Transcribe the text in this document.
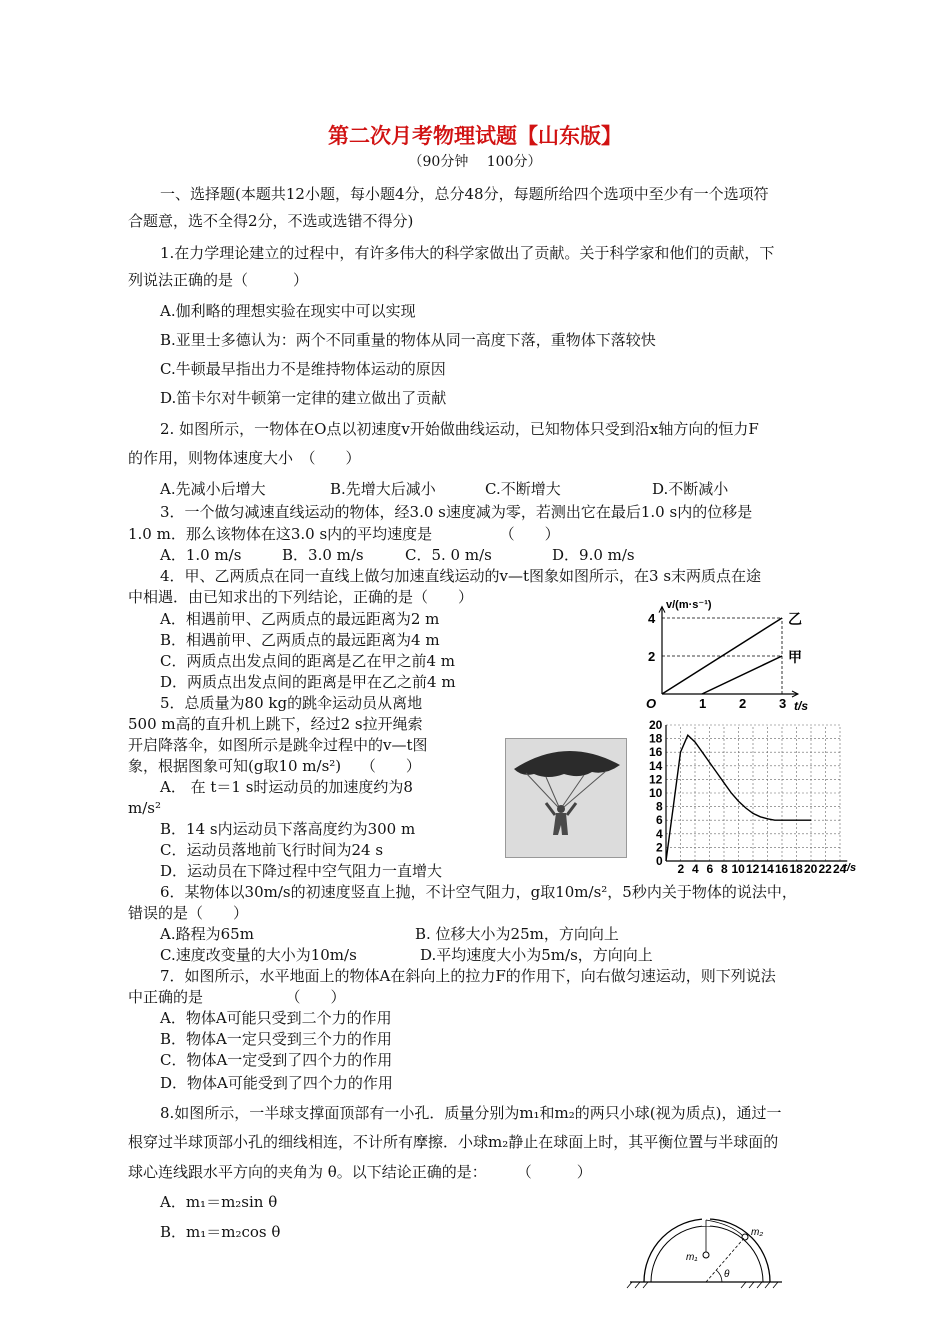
第二次月考物理试题【山东版】
（90分钟　 100分）
一、选择题(本题共12小题，每小题4分，总分48分，每题所给四个选项中至少有一个选项符
合题意，选不全得2分，不选或选错不得分)
1.在力学理论建立的过程中，有许多伟大的科学家做出了贡献。关于科学家和他们的贡献，下
列说法正确的是（　　　）
A.伽利略的理想实验在现实中可以实现
B.亚里士多德认为：两个不同重量的物体从同一高度下落，重物体下落较快
C.牛顿最早指出力不是维持物体运动的原因
D.笛卡尔对牛顿第一定律的建立做出了贡献
2. 如图所示，一物体在O点以初速度v开始做曲线运动，已知物体只受到沿x轴方向的恒力F
的作用，则物体速度大小　（　　）
A.先减小后增大	B.先增大后减小	C.不断增大	D.不断减小
3．一个做匀减速直线运动的物体，经3.0 s速度减为零，若测出它在最后1.0 s内的位移是
1.0 m．那么该物体在这3.0 s内的平均速度是　　　　　（　　）
A．1.0 m/s	B．3.0 m/s	C．5. 0 m/s	D．9.0 m/s
4．甲、乙两质点在同一直线上做匀加速直线运动的v—t图象如图所示，在3 s末两质点在途
中相遇．由已知求出的下列结论，正确的是（　　）
A．相遇前甲、乙两质点的最远距离为2 m
B．相遇前甲、乙两质点的最远距离为4 m
C．两质点出发点间的距离是乙在甲之前4 m
D．两质点出发点间的距离是甲在乙之前4 m
5．总质量为80 kg的跳伞运动员从离地
500 m高的直升机上跳下，经过2 s拉开绳索
开启降落伞，如图所示是跳伞过程中的v—t图
象，根据图象可知(g取10 m/s²)　 （　　）
A． 在 t＝1 s时运动员的加速度约为8
m/s²
B．14 s内运动员下落高度约为300 m
C．运动员落地前飞行时间为24 s
D．运动员在下降过程中空气阻力一直增大
6．某物体以30m/s的初速度竖直上抛，不计空气阻力，g取10m/s²，5秒内关于物体的说法中，
错误的是（　　）
A.路程为65m	B. 位移大小为25m，方向向上
C.速度改变量的大小为10m/s	D.平均速度大小为5m/s，方向向上
7．如图所示，水平地面上的物体A在斜向上的拉力F的作用下，向右做匀速运动，则下列说法
中正确的是　　　　　　（　　）
A．物体A可能只受到二个力的作用
B．物体A一定只受到三个力的作用
C．物体A一定受到了四个力的作用
D．物体A可能受到了四个力的作用
8.如图所示，一半球支撑面顶部有一小孔．质量分别为m₁和m₂的两只小球(视为质点)，通过一
根穿过半球顶部小孔的细线相连，不计所有摩擦．小球m₂静止在球面上时，其平衡位置与半球面的
球心连线跟水平方向的夹角为 θ。以下结论正确的是：　　　（　　　）
A．m₁＝m₂sin θ
B．m₁＝m₂cos θ
1	2	3
2
4
O	t/s
v/(m·s⁻¹)
乙
甲
2 4 6 8 10 12 14 16 18 20 22 24
0
2
4
6
8
10
12
14
16
18
20
t/s
m₁
m₂
θ
